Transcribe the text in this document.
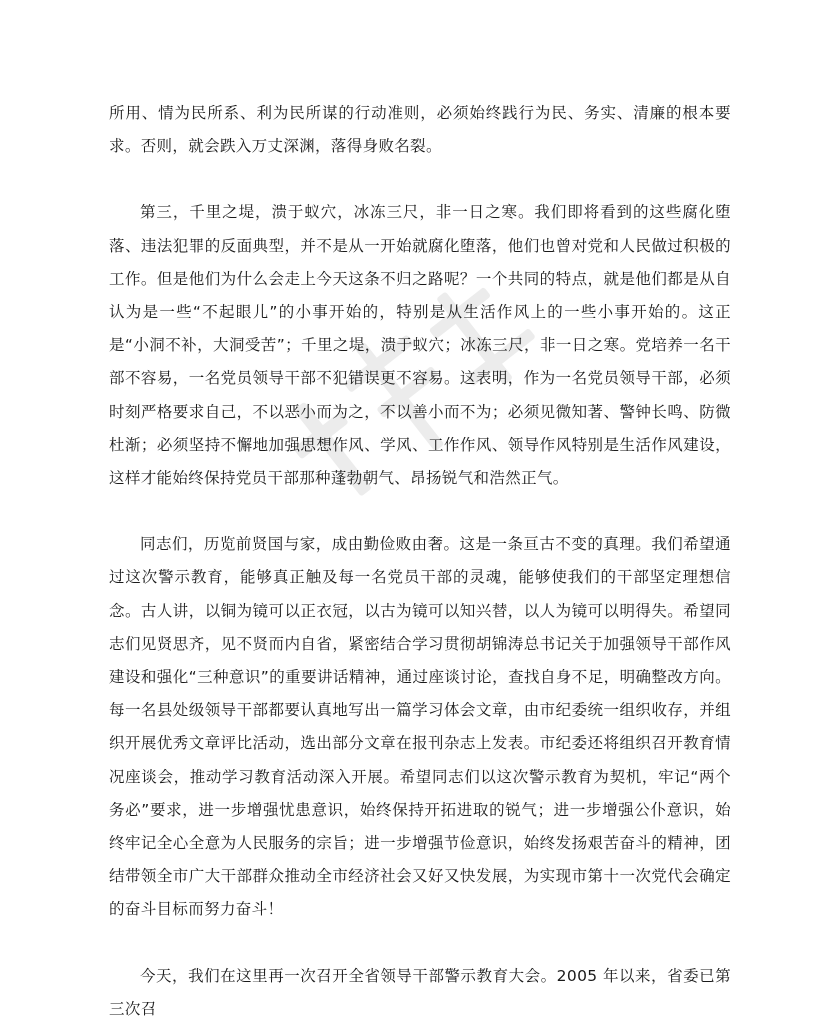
所用、情为民所系、利为民所谋的行动准则，必须始终践行为民、务实、清廉的根本要求。否则，就会跌入万丈深渊，落得身败名裂。

第三，千里之堤，溃于蚁穴，冰冻三尺，非一日之寒。我们即将看到的这些腐化堕落、违法犯罪的反面典型，并不是从一开始就腐化堕落，他们也曾对党和人民做过积极的工作。但是他们为什么会走上今天这条不归之路呢？一个共同的特点，就是他们都是从自认为是一些“不起眼儿”的小事开始的，特别是从生活作风上的一些小事开始的。这正是“小洞不补，大洞受苦”；千里之堤，溃于蚁穴；冰冻三尺，非一日之寒。党培养一名干部不容易，一名党员领导干部不犯错误更不容易。这表明，作为一名党员领导干部，必须时刻严格要求自己，不以恶小而为之，不以善小而不为；必须见微知著、警钟长鸣、防微杜渐；必须坚持不懈地加强思想作风、学风、工作作风、领导作风特别是生活作风建设，这样才能始终保持党员干部那种蓬勃朝气、昂扬锐气和浩然正气。

同志们，历览前贤国与家，成由勤俭败由奢。这是一条亘古不变的真理。我们希望通过这次警示教育，能够真正触及每一名党员干部的灵魂，能够使我们的干部坚定理想信念。古人讲，以铜为镜可以正衣冠，以古为镜可以知兴替，以人为镜可以明得失。希望同志们见贤思齐，见不贤而内自省，紧密结合学习贯彻胡锦涛总书记关于加强领导干部作风建设和强化“三种意识”的重要讲话精神，通过座谈讨论，查找自身不足，明确整改方向。每一名县处级领导干部都要认真地写出一篇学习体会文章，由市纪委统一组织收存，并组织开展优秀文章评比活动，选出部分文章在报刊杂志上发表。市纪委还将组织召开教育情况座谈会，推动学习教育活动深入开展。希望同志们以这次警示教育为契机，牢记“两个务必”要求，进一步增强忧患意识，始终保持开拓进取的锐气；进一步增强公仆意识，始终牢记全心全意为人民服务的宗旨；进一步增强节俭意识，始终发扬艰苦奋斗的精神，团结带领全市广大干部群众推动全市经济社会又好又快发展，为实现市第十一次党代会确定的奋斗目标而努力奋斗！

今天，我们在这里再一次召开全省领导干部警示教育大会。2005 年以来，省委已第三次召
